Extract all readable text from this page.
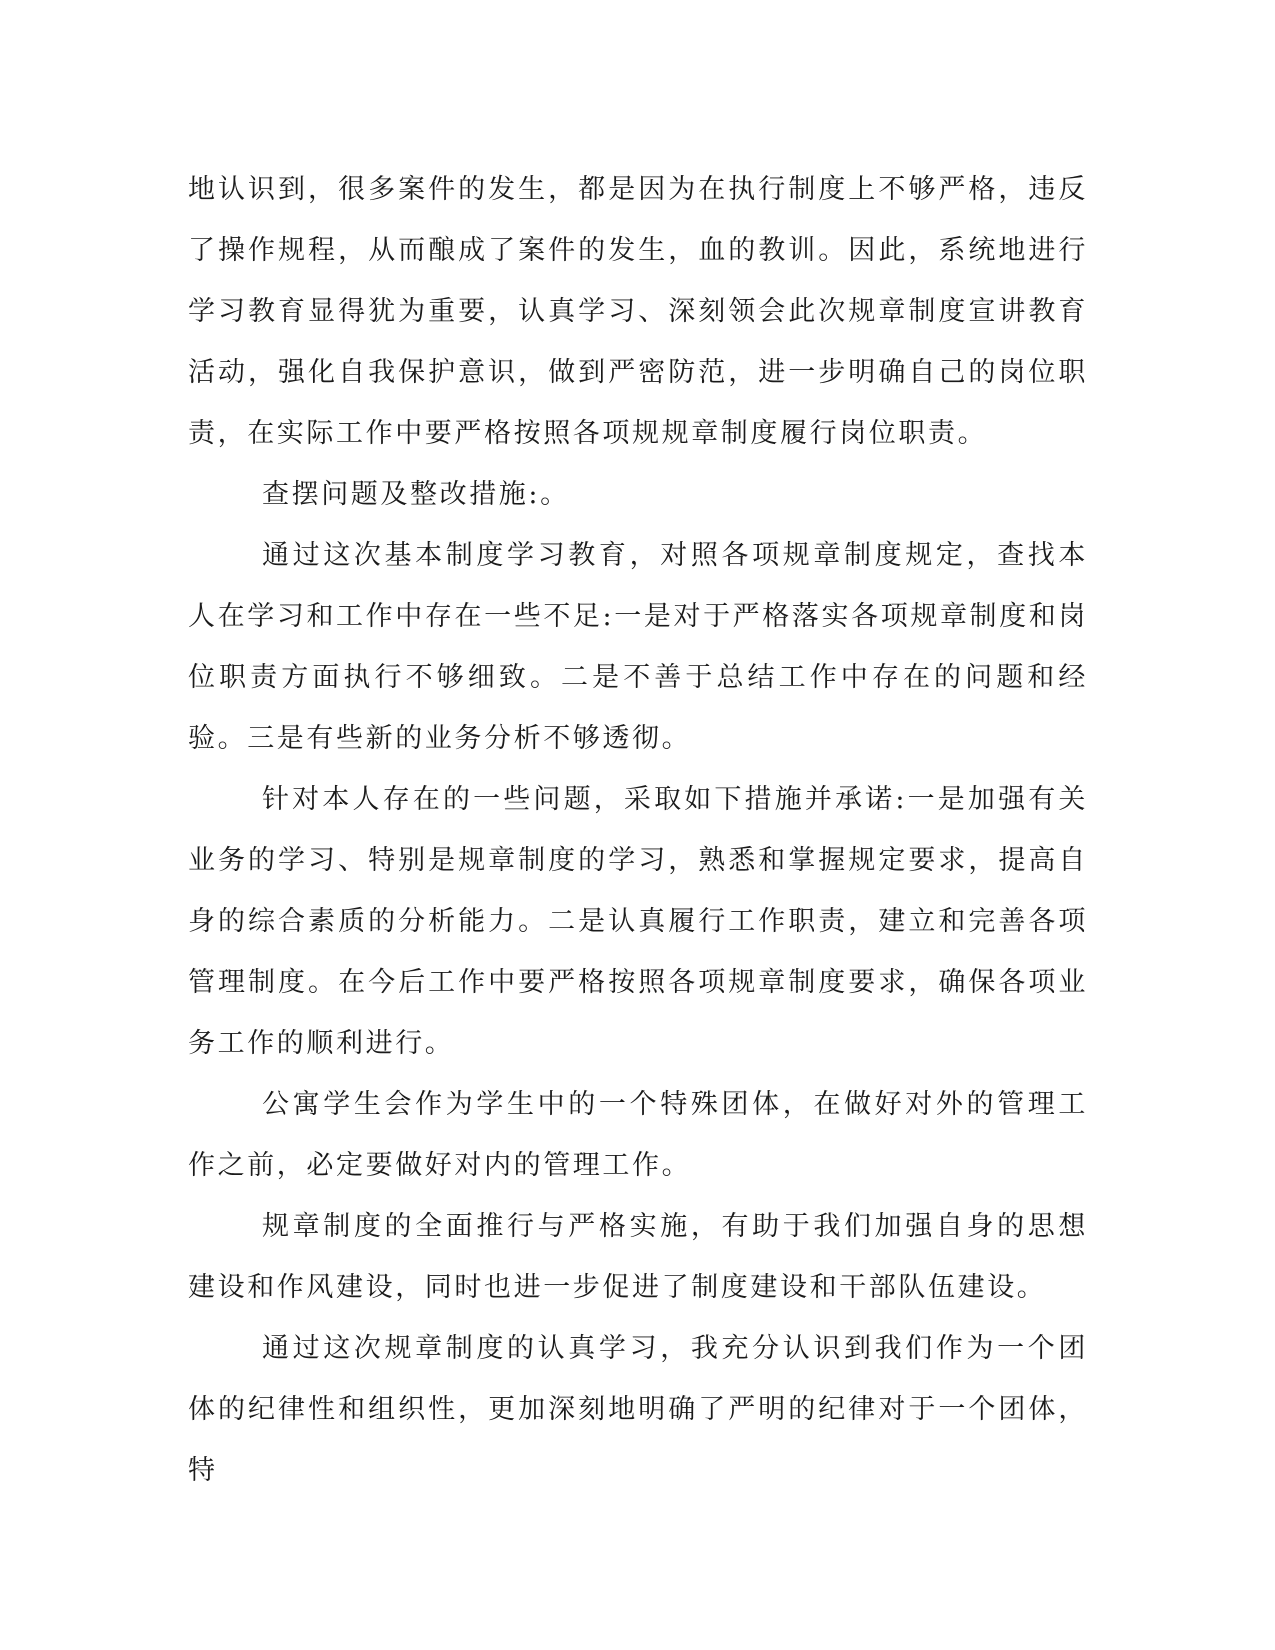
地认识到，很多案件的发生，都是因为在执行制度上不够严格，违反了操作规程，从而酿成了案件的发生，血的教训。因此，系统地进行学习教育显得犹为重要，认真学习、深刻领会此次规章制度宣讲教育活动，强化自我保护意识，做到严密防范，进一步明确自己的岗位职责，在实际工作中要严格按照各项规规章制度履行岗位职责。

查摆问题及整改措施:。

通过这次基本制度学习教育，对照各项规章制度规定，查找本人在学习和工作中存在一些不足:一是对于严格落实各项规章制度和岗位职责方面执行不够细致。二是不善于总结工作中存在的问题和经验。三是有些新的业务分析不够透彻。

针对本人存在的一些问题，采取如下措施并承诺:一是加强有关业务的学习、特别是规章制度的学习，熟悉和掌握规定要求，提高自身的综合素质的分析能力。二是认真履行工作职责，建立和完善各项管理制度。在今后工作中要严格按照各项规章制度要求，确保各项业务工作的顺利进行。

公寓学生会作为学生中的一个特殊团体，在做好对外的管理工作之前，必定要做好对内的管理工作。

规章制度的全面推行与严格实施，有助于我们加强自身的思想建设和作风建设，同时也进一步促进了制度建设和干部队伍建设。

通过这次规章制度的认真学习，我充分认识到我们作为一个团体的纪律性和组织性，更加深刻地明确了严明的纪律对于一个团体，特
